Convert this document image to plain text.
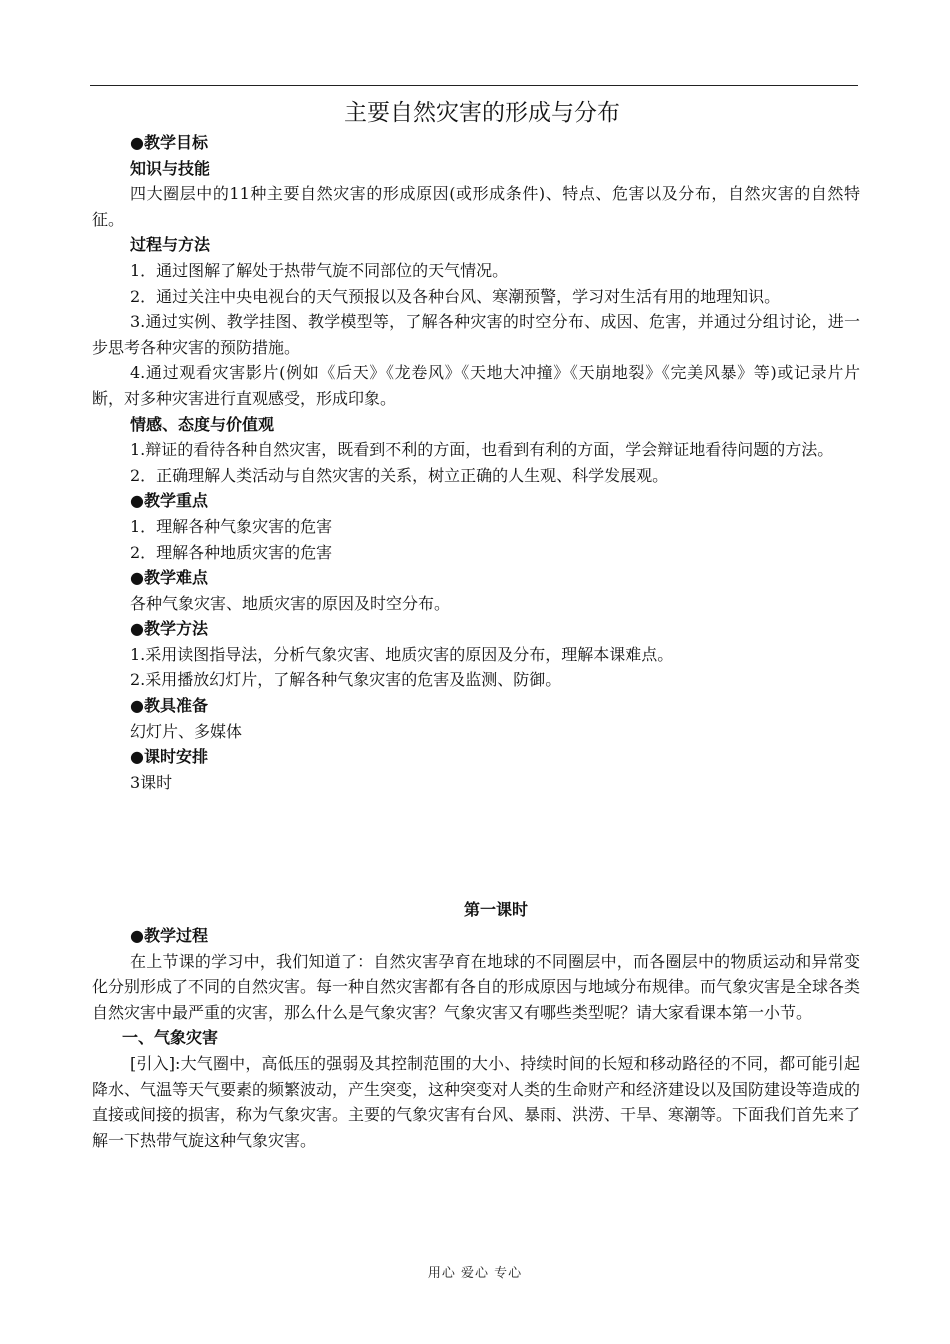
主要自然灾害的形成与分布
●教学目标
知识与技能
四大圈层中的11种主要自然灾害的形成原因(或形成条件)、特点、危害以及分布，自然灾害的自然特征。
过程与方法
1．通过图解了解处于热带气旋不同部位的天气情况。
2．通过关注中央电视台的天气预报以及各种台风、寒潮预警，学习对生活有用的地理知识。
3.通过实例、教学挂图、教学模型等，了解各种灾害的时空分布、成因、危害，并通过分组讨论，进一步思考各种灾害的预防措施。
4.通过观看灾害影片(例如《后天》《龙卷风》《天地大冲撞》《天崩地裂》《完美风暴》等)或记录片片断，对多种灾害进行直观感受，形成印象。
情感、态度与价值观
1.辩证的看待各种自然灾害，既看到不利的方面，也看到有利的方面，学会辩证地看待问题的方法。
2．正确理解人类活动与自然灾害的关系，树立正确的人生观、科学发展观。
●教学重点
1．理解各种气象灾害的危害
2．理解各种地质灾害的危害
●教学难点
各种气象灾害、地质灾害的原因及时空分布。
●教学方法
1.采用读图指导法，分析气象灾害、地质灾害的原因及分布，理解本课难点。
2.采用播放幻灯片，了解各种气象灾害的危害及监测、防御。
●教具准备
幻灯片、多媒体
●课时安排
3课时
第一课时
●教学过程
在上节课的学习中，我们知道了：自然灾害孕育在地球的不同圈层中，而各圈层中的物质运动和异常变化分别形成了不同的自然灾害。每一种自然灾害都有各自的形成原因与地域分布规律。而气象灾害是全球各类自然灾害中最严重的灾害，那么什么是气象灾害？气象灾害又有哪些类型呢？请大家看课本第一小节。
一、气象灾害
[引入]:大气圈中，高低压的强弱及其控制范围的大小、持续时间的长短和移动路径的不同，都可能引起降水、气温等天气要素的频繁波动，产生突变，这种突变对人类的生命财产和经济建设以及国防建设等造成的直接或间接的损害，称为气象灾害。主要的气象灾害有台风、暴雨、洪涝、干旱、寒潮等。下面我们首先来了解一下热带气旋这种气象灾害。
用心 爱心 专心
